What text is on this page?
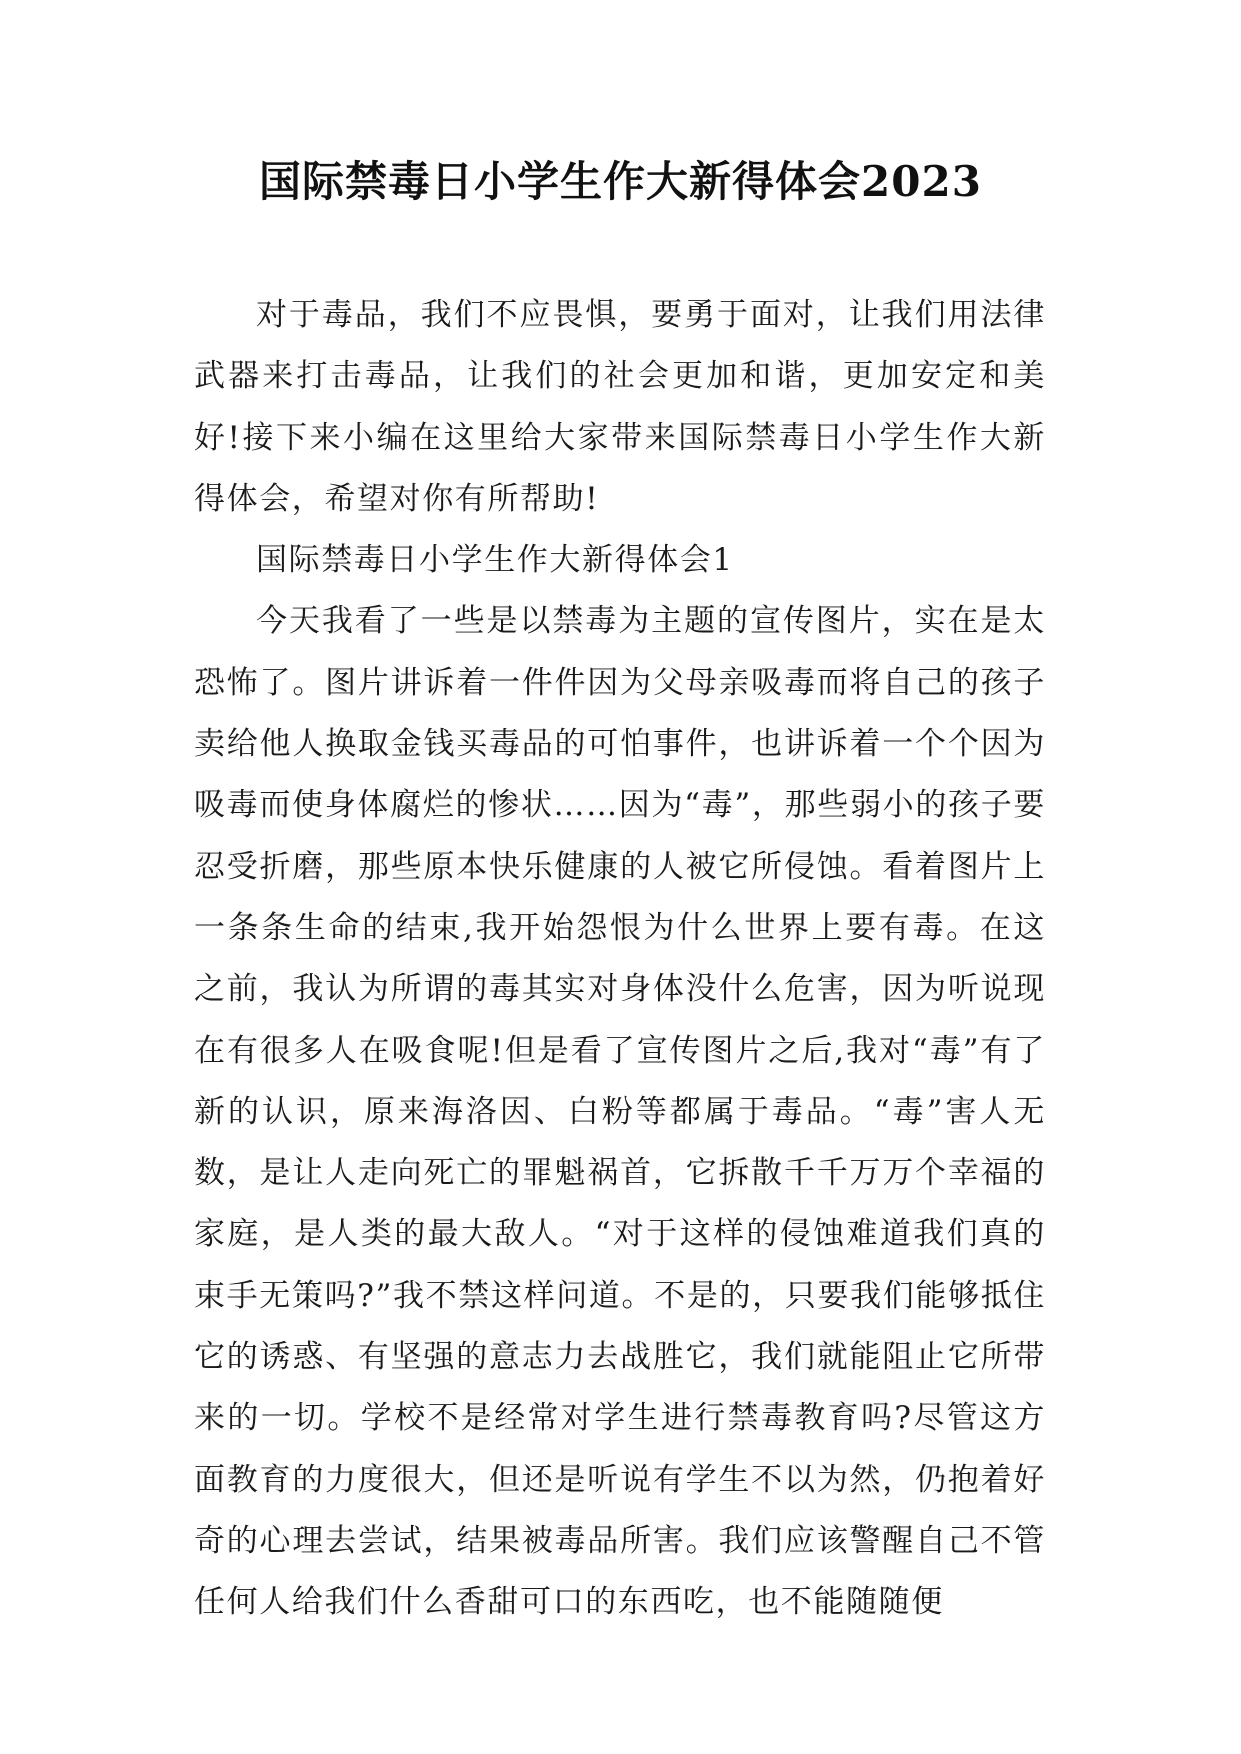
国际禁毒日小学生作大新得体会2023

对于毒品，我们不应畏惧，要勇于面对，让我们用法律武器来打击毒品，让我们的社会更加和谐，更加安定和美好!接下来小编在这里给大家带来国际禁毒日小学生作大新得体会，希望对你有所帮助!

国际禁毒日小学生作大新得体会1

今天我看了一些是以禁毒为主题的宣传图片，实在是太恐怖了。图片讲诉着一件件因为父母亲吸毒而将自己的孩子卖给他人换取金钱买毒品的可怕事件，也讲诉着一个个因为吸毒而使身体腐烂的惨状……因为“毒”，那些弱小的孩子要忍受折磨，那些原本快乐健康的人被它所侵蚀。看着图片上一条条生命的结束,我开始怨恨为什么世界上要有毒。在这之前，我认为所谓的毒其实对身体没什么危害，因为听说现在有很多人在吸食呢!但是看了宣传图片之后,我对“毒”有了新的认识，原来海洛因、白粉等都属于毒品。“毒”害人无数，是让人走向死亡的罪魁祸首，它拆散千千万万个幸福的家庭，是人类的最大敌人。“对于这样的侵蚀难道我们真的束手无策吗?”我不禁这样问道。不是的，只要我们能够抵住它的诱惑、有坚强的意志力去战胜它，我们就能阻止它所带来的一切。学校不是经常对学生进行禁毒教育吗?尽管这方面教育的力度很大，但还是听说有学生不以为然，仍抱着好奇的心理去尝试，结果被毒品所害。我们应该警醒自己不管任何人给我们什么香甜可口的东西吃，也不能随随便
